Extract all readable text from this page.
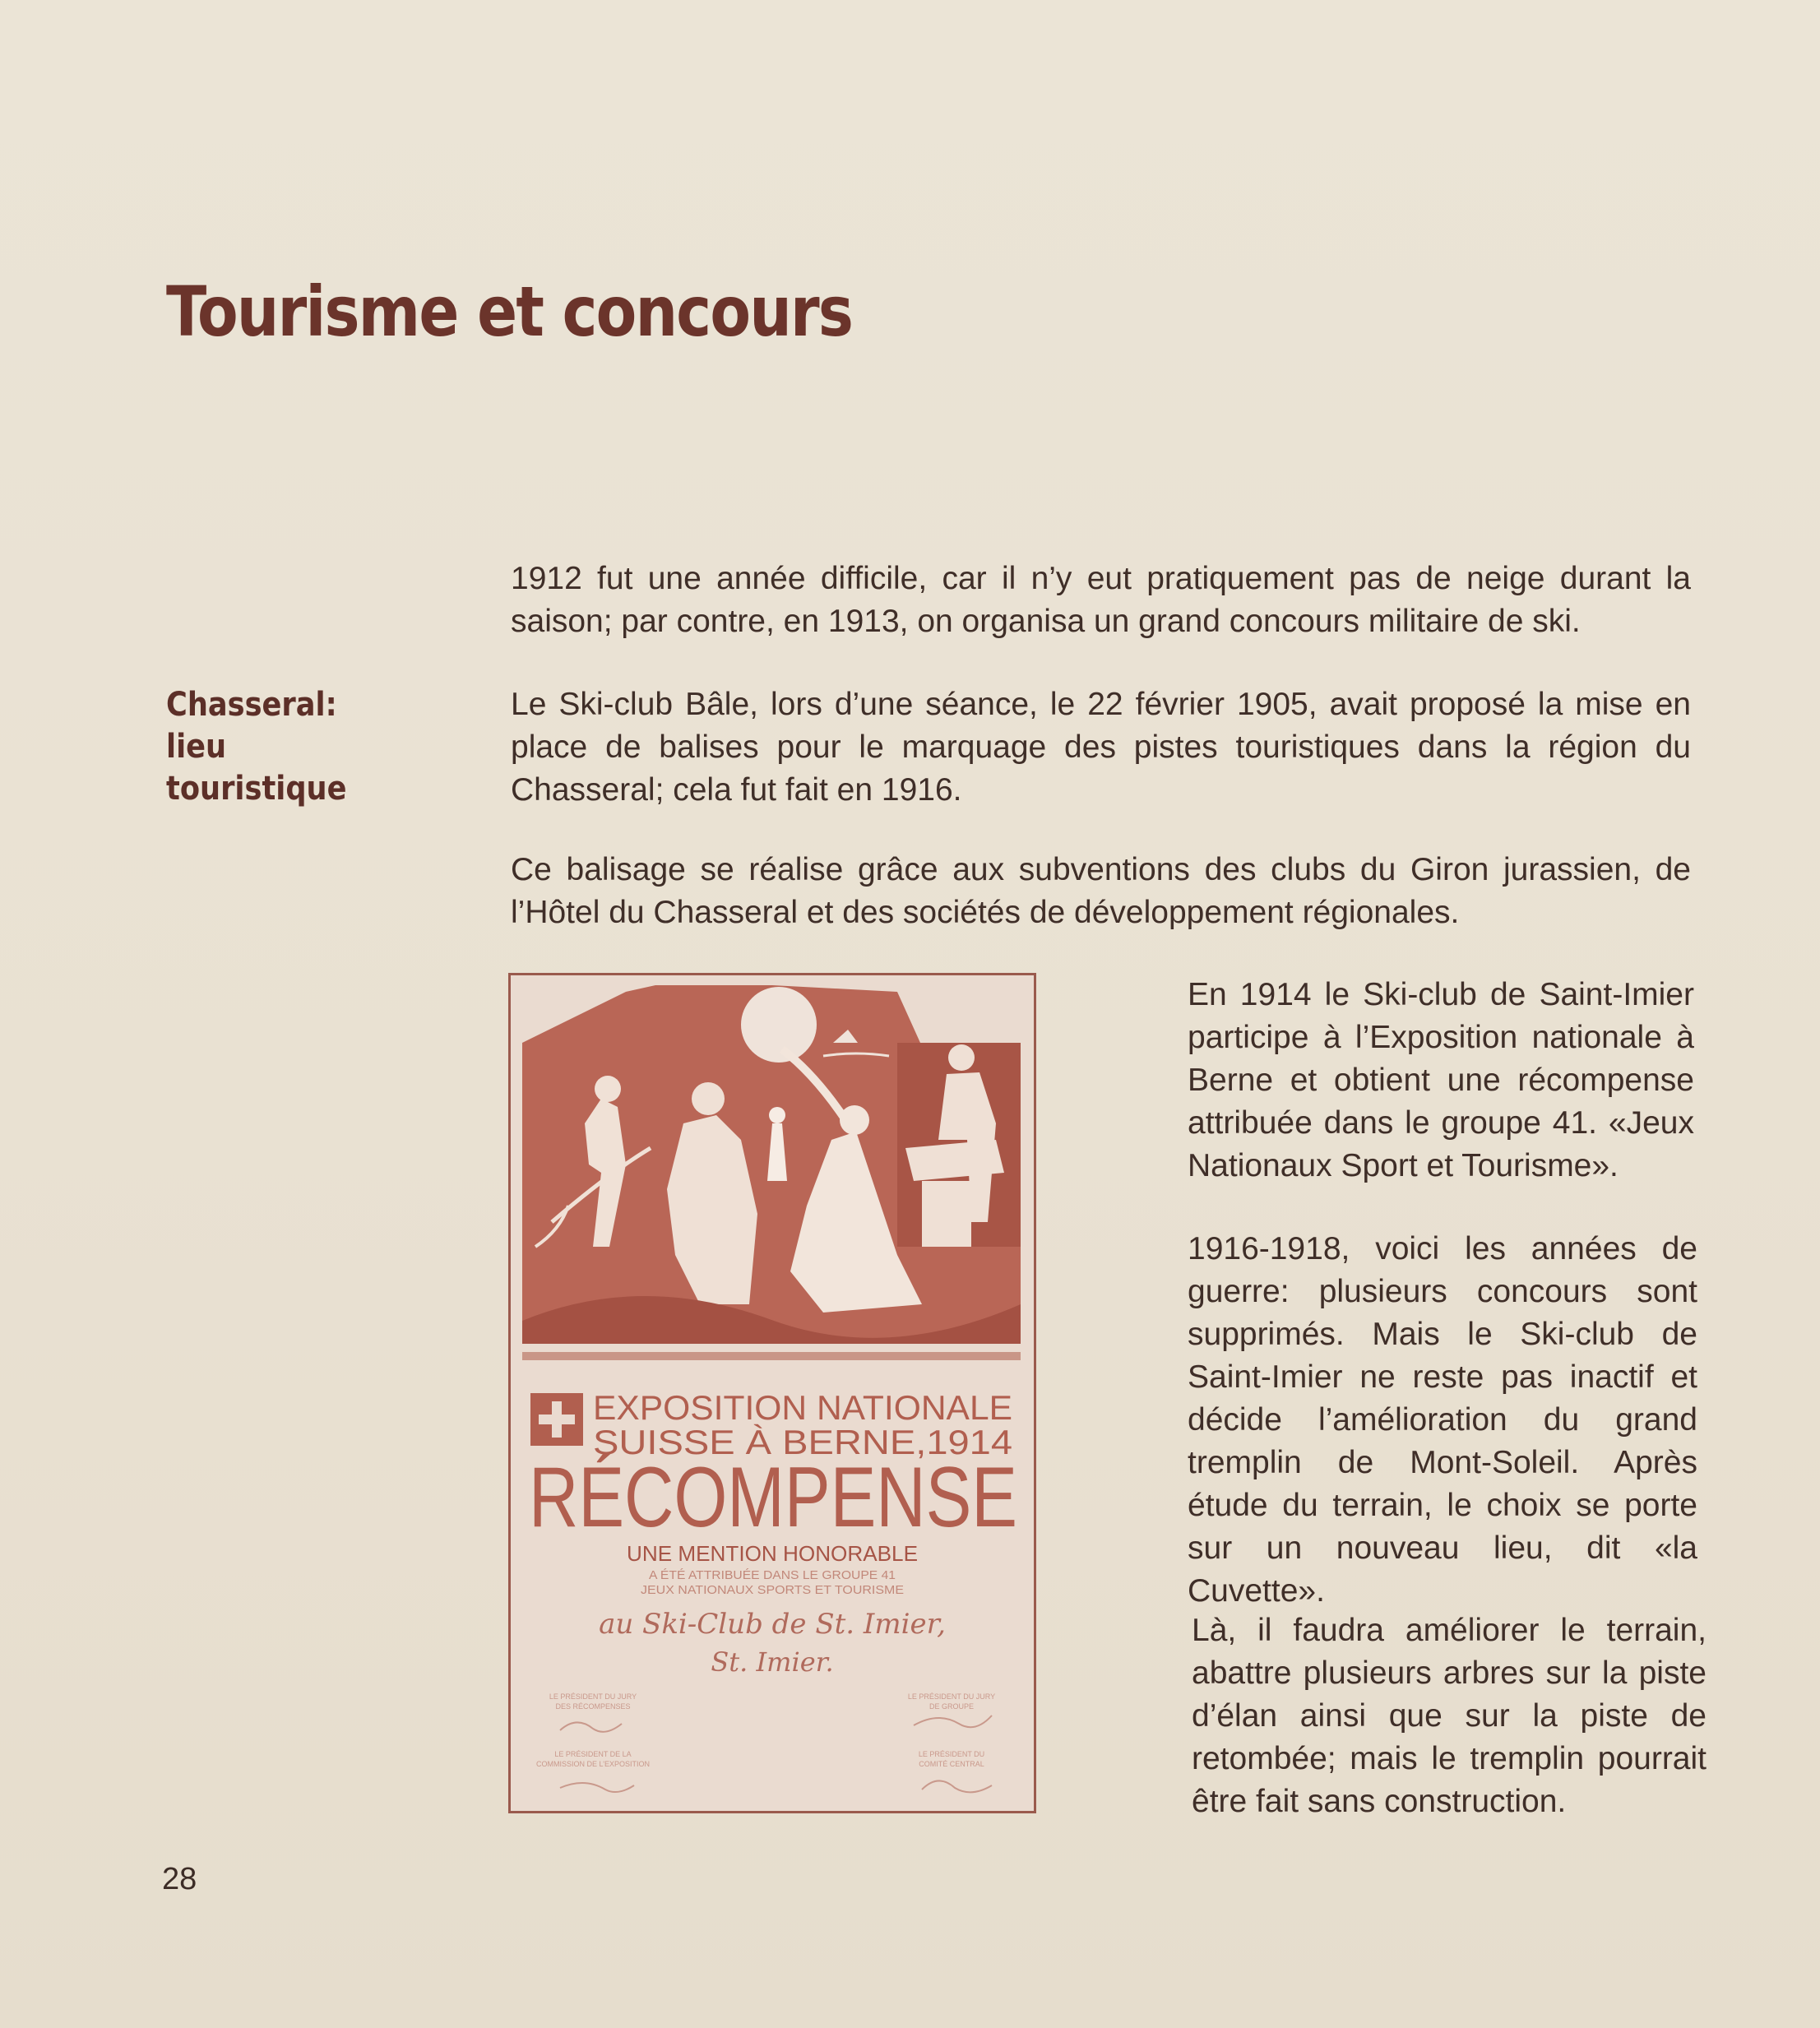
Tourisme et concours
Chasseral:
lieu
touristique

1912 fut une année difficile, car il n’y eut pratiquement pas de neige durant la saison; par contre, en 1913, on organisa un grand concours militaire de ski.

Le Ski-club Bâle, lors d’une séance, le 22 février 1905, avait proposé la mise en place de balises pour le marquage des pistes touristiques dans la région du Chasseral; cela fut fait en 1916.

Ce balisage se réalise grâce aux subventions des clubs du Giron jurassien, de l’Hôtel du Chasseral et des sociétés de développement régionales.

En 1914 le Ski-club de Saint-Imier participe à l’Exposition nationale à Berne et obtient une récompense attribuée dans le groupe 41. «Jeux Nationaux Sport et Tourisme».

1916-1918, voici les années de guerre: plusieurs concours sont supprimés. Mais le Ski-club de Saint-Imier ne reste pas inactif et décide l’amélioration du grand tremplin de Mont-Soleil. Après étude du terrain, le choix se porte sur un nouveau lieu, dit «la Cuvette».

Là, il faudra améliorer le terrain, abattre plusieurs arbres sur la piste d’élan ainsi que sur la piste de retombée; mais le tremplin pourrait être fait sans construction.

EXPOSITION NATIONALE
SUISSE À BERNE,1914
RÉCOMPENSE
UNE MENTION HONORABLE
A ÉTÉ ATTRIBUÉE DANS LE GROUPE 41
JEUX NATIONAUX SPORTS ET TOURISME
au Ski-Club de St. Imier,
St. Imier.
LE PRÉSIDENT DU JURY
DES RÉCOMPENSES
LE PRÉSIDENT DU JURY
DE GROUPE
LE PRÉSIDENT DE LA
COMMISSION DE L’EXPOSITION
LE PRÉSIDENT DU
COMITÉ CENTRAL

28
